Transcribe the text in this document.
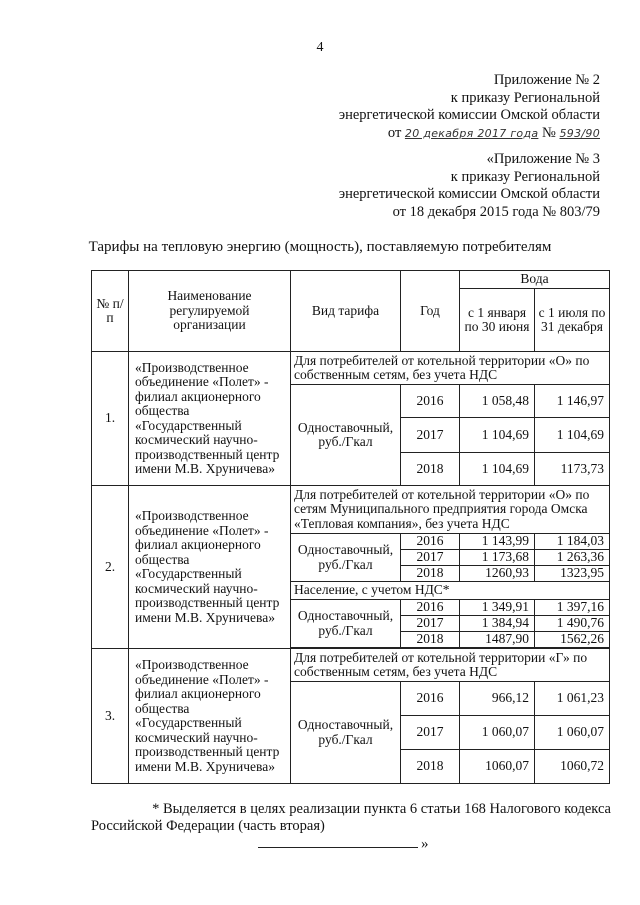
4
Приложение № 2
к приказу Региональной
энергетической комиссии Омской области
от 20 декабря 2017 года № 593/90
«Приложение № 3
к приказу Региональной
энергетической комиссии Омской области
от 18 декабря 2015 года № 803/79
Тарифы на тепловую энергию (мощность), поставляемую потребителям
№ п/п	Наименование регулируемой организации	Вид тарифа	Год	Вода	
				с 1 января по 30 июня	с 1 июля по 31 декабря
1.	«Производственное объединение «Полет» - филиал акционерного общества «Государственный космический научно-производственный центр имени М.В. Хруничева»	Для потребителей от котельной территории «О» по собственным сетям, без учета НДС			
		Одноставочный, руб./Гкал	2016	1 058,48	1 146,97
			2017	1 104,69	1 104,69
			2018	1 104,69	1173,73
2.	«Производственное объединение «Полет» - филиал акционерного общества «Государственный космический научно-производственный центр имени М.В. Хруничева»	Для потребителей от котельной территории «О» по сетям Муниципального предприятия города Омска «Тепловая компания», без учета НДС			
		Одноставочный, руб./Гкал	2016	1 143,99	1 184,03
			2017	1 173,68	1 263,36
			2018	1260,93	1323,95
		Население, с учетом НДС*			
		Одноставочный, руб./Гкал	2016	1 349,91	1 397,16
			2017	1 384,94	1 490,76
			2018	1487,90	1562,26

3.	«Производственное объединение «Полет» - филиал акционерного общества «Государственный космический научно-производственный центр имени М.В. Хруничева»	Для потребителей от котельной территории «Г» по собственным сетям, без учета НДС			
		Одноставочный, руб./Гкал	2016	966,12	1 061,23
			2017	1 060,07	1 060,07
			2018	1060,07	1060,72
* Выделяется в целях реализации пункта 6 статьи 168 Налогового кодекса
Российской Федерации (часть вторая)
»
